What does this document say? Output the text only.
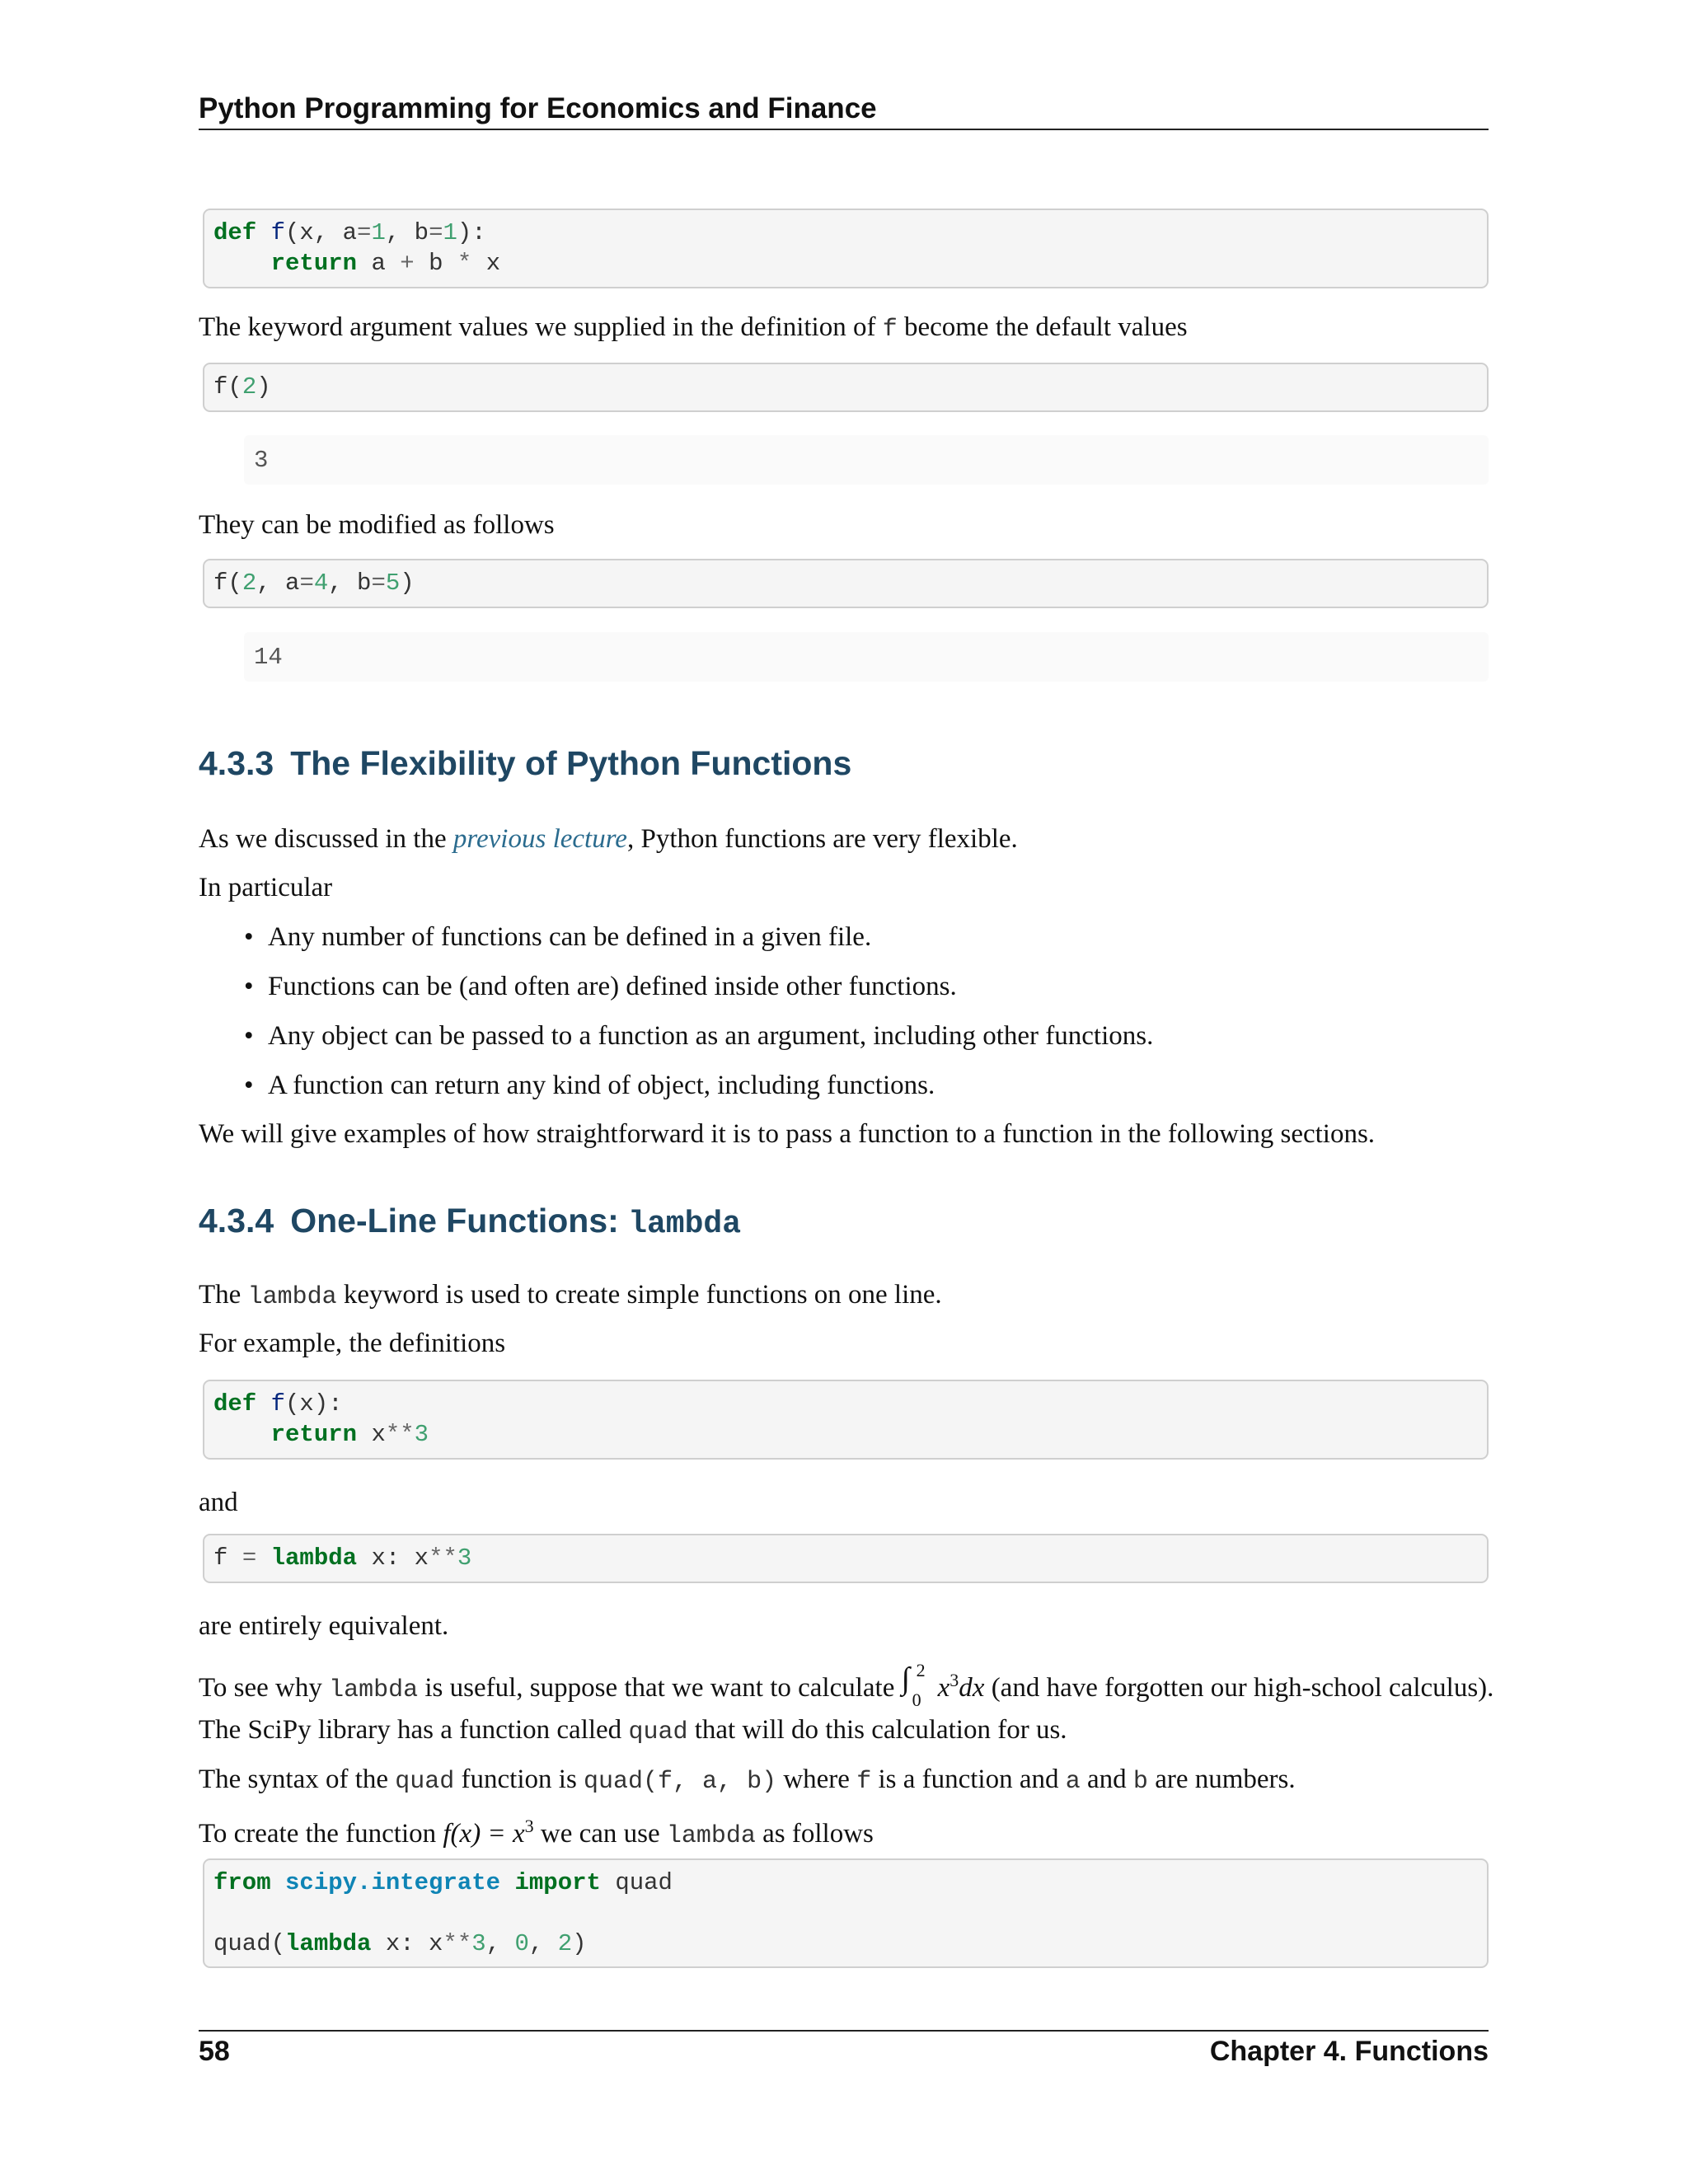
Python Programming for Economics and Finance
def f(x, a=1, b=1):
return a + b * x
The keyword argument values we supplied in the definition of f become the default values
f(2)
3
They can be modified as follows
f(2, a=4, b=5)
14
4.3.3 The Flexibility of Python Functions
As we discussed in the previous lecture, Python functions are very flexible.
In particular
• Any number of functions can be defined in a given file.
• Functions can be (and often are) defined inside other functions.
• Any object can be passed to a function as an argument, including other functions.
• A function can return any kind of object, including functions.
We will give examples of how straightforward it is to pass a function to a function in the following sections.
4.3.4 One-Line Functions: lambda
The lambda keyword is used to create simple functions on one line.
For example, the definitions
def f(x):
return x**3
and
f = lambda x: x**3
are entirely equivalent.
To see why lambda is useful, suppose that we want to calculate ∫ 2
0 $x^3dx$ (and have forgotten our high-school calculus).
The SciPy library has a function called quad that will do this calculation for us.
The syntax of the quad function is quad(f, a, b) where f is a function and a and b are numbers.
To create the function $f(x) = x^3$ we can use lambda as follows
from scipy.integrate import quad

quad(lambda x: x**3, 0, 2)
58	Chapter 4. Functions
